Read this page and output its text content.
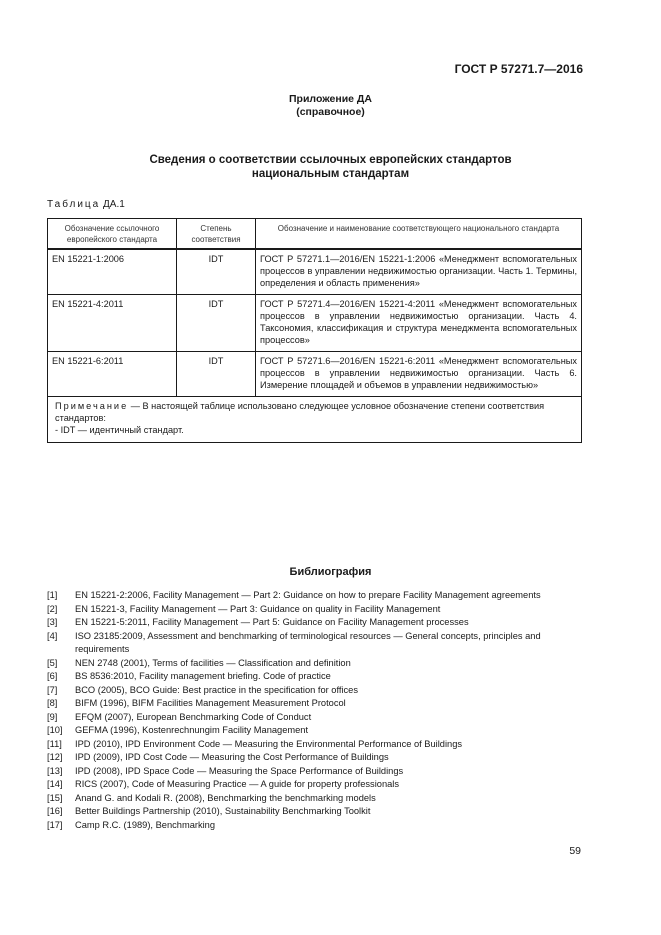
ГОСТ Р 57271.7—2016
Приложение ДА
(справочное)
Сведения о соответствии ссылочных европейских стандартов
национальным стандартам
Таблица ДА.1
Обозначение ссылочного европейского стандарта	Степень соответствия	Обозначение и наименование соответствующего национального стандарта
EN 15221-1:2006	IDT	ГОСТ Р 57271.1—2016/EN 15221-1:2006 «Менеджмент вспомогательных процессов в управлении недвижимостью организации. Часть 1. Термины, определения и область применения»
EN 15221-4:2011	IDT	ГОСТ Р 57271.4—2016/EN 15221-4:2011 «Менеджмент вспомогательных процессов в управлении недвижимостью организации. Часть 4. Таксономия, классификация и структура менеджмента вспомогательных процессов»
EN 15221-6:2011	IDT	ГОСТ Р 57271.6—2016/EN 15221-6:2011 «Менеджмент вспомогательных процессов в управлении недвижимостью организации. Часть 6. Измерение площадей и объемов в управлении недвижимостью»
Примечание — В настоящей таблице использовано следующее условное обозначение степени соответствия стандартов:
- IDT — идентичный стандарт.		
Библиография
[1]	EN 15221-2:2006, Facility Management — Part 2: Guidance on how to prepare Facility Management agreements
[2]	EN 15221-3, Facility Management — Part 3: Guidance on quality in Facility Management
[3]	EN 15221-5:2011, Facility Management — Part 5: Guidance on Facility Management processes
[4]	ISO 23185:2009, Assessment and benchmarking of terminological resources — General concepts, principles and requirements
[5]	NEN 2748 (2001), Terms of facilities — Classification and definition
[6]	BS 8536:2010, Facility management briefing. Code of practice
[7]	BCO (2005), BCO Guide: Best practice in the specification for offices
[8]	BIFM (1996), BIFM Facilities Management Measurement Protocol
[9]	EFQM (2007), European Benchmarking Code of Conduct
[10]	GEFMA (1996), Kostenrechnungim Facility Management
[11]	IPD (2010), IPD Environment Code — Measuring the Environmental Performance of Buildings
[12]	IPD (2009), IPD Cost Code — Measuring the Cost Performance of Buildings
[13]	IPD (2008), IPD Space Code — Measuring the Space Performance of Buildings
[14]	RICS (2007), Code of Measuring Practice — A guide for property professionals
[15]	Anand G. and Kodali R. (2008), Benchmarking the benchmarking models
[16]	Better Buildings Partnership (2010), Sustainability Benchmarking Toolkit
[17]	Camp R.C. (1989), Benchmarking
59
